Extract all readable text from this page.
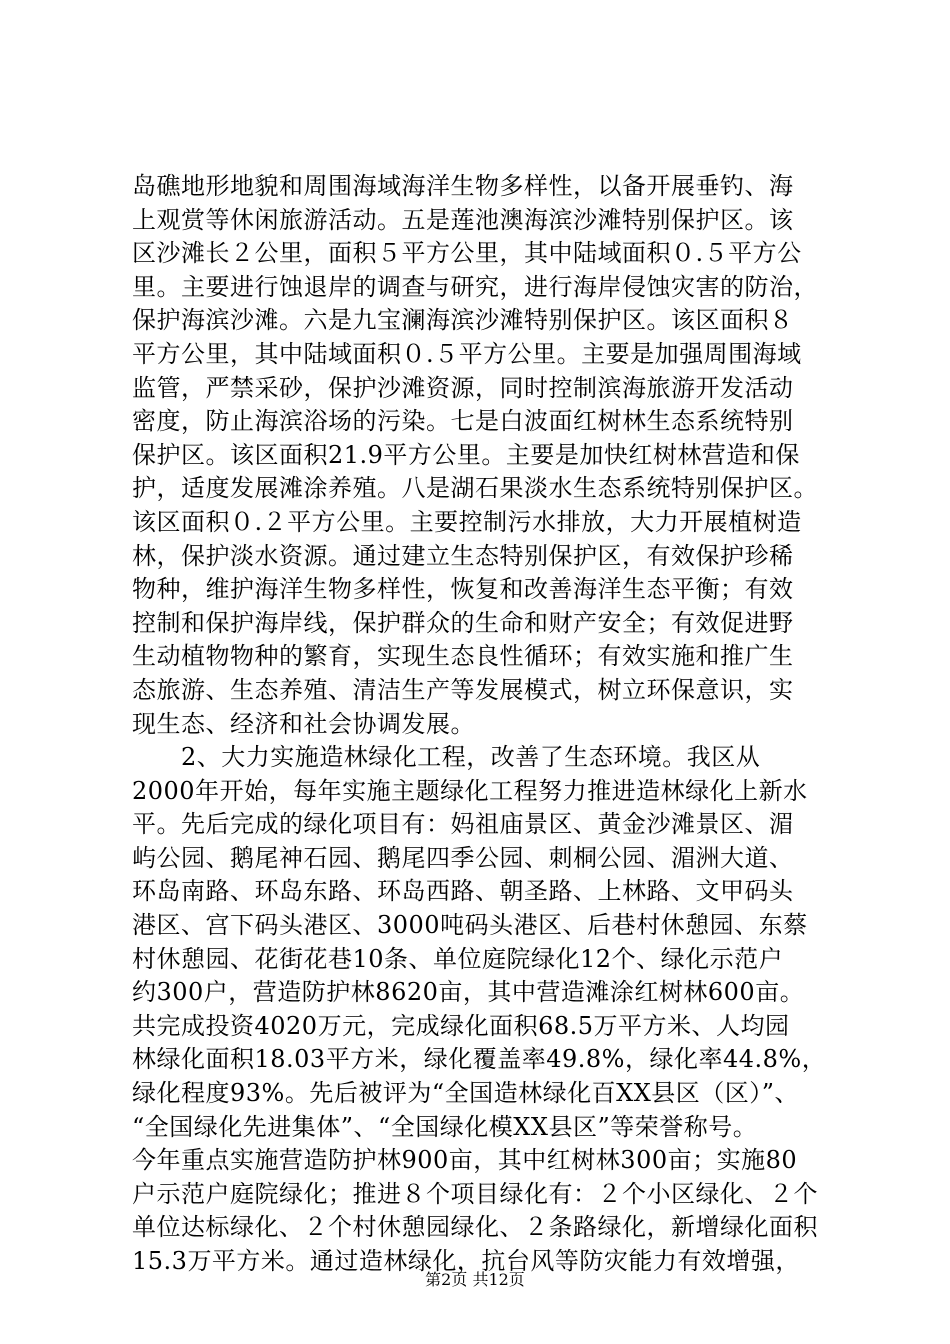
岛礁地形地貌和周围海域海洋生物多样性，以备开展垂钓、海
上观赏等休闲旅游活动。五是莲池澳海滨沙滩特别保护区。该
区沙滩长２公里，面积５平方公里，其中陆域面积０.５平方公
里。主要进行蚀退岸的调查与研究，进行海岸侵蚀灾害的防治，
保护海滨沙滩。六是九宝澜海滨沙滩特别保护区。该区面积８
平方公里，其中陆域面积０.５平方公里。主要是加强周围海域
监管，严禁采砂，保护沙滩资源，同时控制滨海旅游开发活动
密度，防止海滨浴场的污染。七是白波面红树林生态系统特别
保护区。该区面积21.9平方公里。主要是加快红树林营造和保
护，适度发展滩涂养殖。八是湖石果淡水生态系统特别保护区。
该区面积０.２平方公里。主要控制污水排放，大力开展植树造
林，保护淡水资源。通过建立生态特别保护区，有效保护珍稀
物种，维护海洋生物多样性，恢复和改善海洋生态平衡；有效
控制和保护海岸线，保护群众的生命和财产安全；有效促进野
生动植物物种的繁育，实现生态良性循环；有效实施和推广生
态旅游、生态养殖、清洁生产等发展模式，树立环保意识，实
现生态、经济和社会协调发展。
　　2、大力实施造林绿化工程，改善了生态环境。我区从
2000年开始，每年实施主题绿化工程努力推进造林绿化上新水
平。先后完成的绿化项目有：妈祖庙景区、黄金沙滩景区、湄
屿公园、鹅尾神石园、鹅尾四季公园、刺桐公园、湄洲大道、
环岛南路、环岛东路、环岛西路、朝圣路、上林路、文甲码头
港区、宫下码头港区、3000吨码头港区、后巷村休憩园、东蔡
村休憩园、花街花巷10条、单位庭院绿化12个、绿化示范户
约300户，营造防护林8620亩，其中营造滩涂红树林600亩。
共完成投资4020万元，完成绿化面积68.5万平方米、人均园
林绿化面积18.03平方米，绿化覆盖率49.8%，绿化率44.8%，
绿化程度93%。先后被评为“全国造林绿化百XX县区（区）”、
“全国绿化先进集体”、“全国绿化模XX县区”等荣誉称号。
今年重点实施营造防护林900亩，其中红树林300亩；实施80
户示范户庭院绿化；推进８个项目绿化有：２个小区绿化、２个
单位达标绿化、２个村休憩园绿化、２条路绿化，新增绿化面积
15.3万平方米。通过造林绿化，抗台风等防灾能力有效增强，
第2页 共12页
